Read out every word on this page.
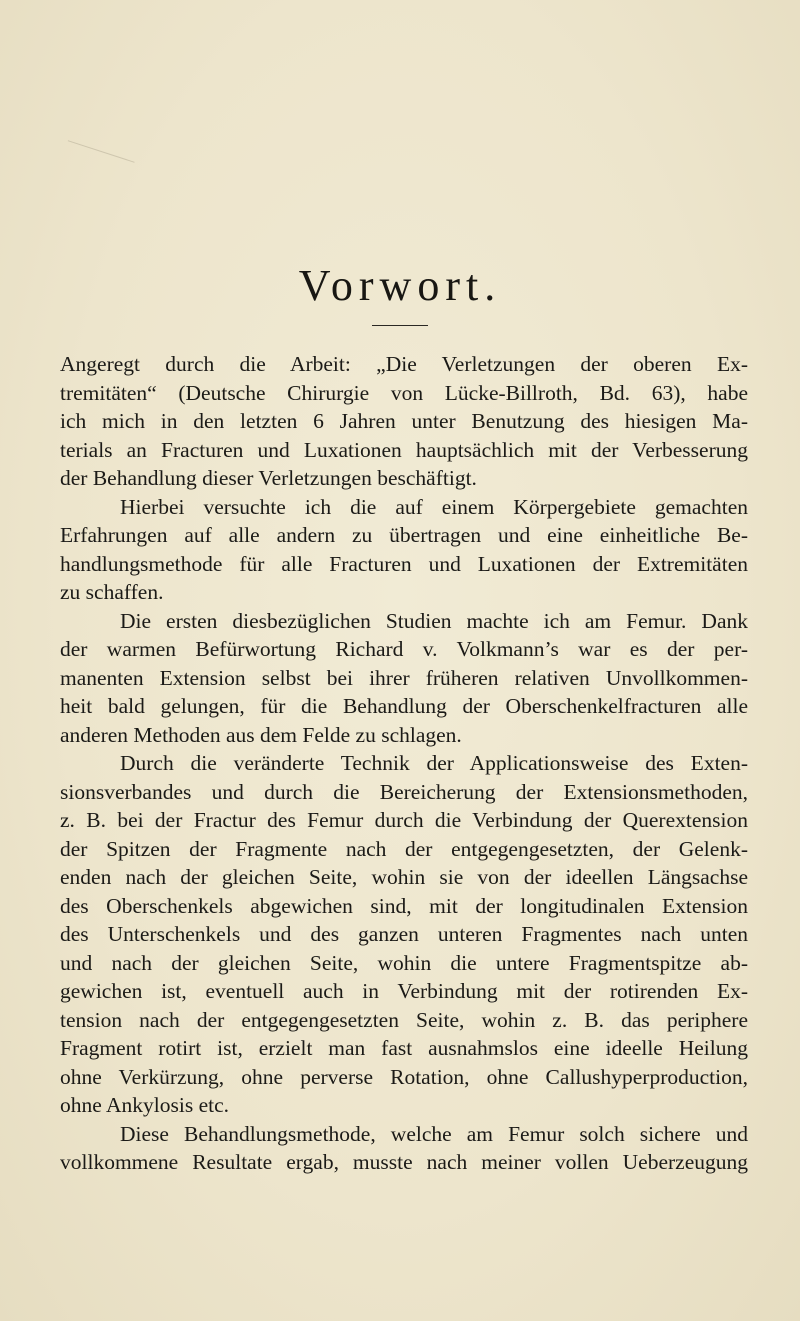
Vorwort.
Angeregt durch die Arbeit: „Die Verletzungen der oberen Ex-
tremitäten“ (Deutsche Chirurgie von Lücke-Billroth, Bd. 63), habe
ich mich in den letzten 6 Jahren unter Benutzung des hiesigen Ma-
terials an Fracturen und Luxationen hauptsächlich mit der Verbesserung
der Behandlung dieser Verletzungen beschäftigt.
Hierbei versuchte ich die auf einem Körpergebiete gemachten
Erfahrungen auf alle andern zu übertragen und eine einheitliche Be-
handlungsmethode für alle Fracturen und Luxationen der Extremitäten
zu schaffen.
Die ersten diesbezüglichen Studien machte ich am Femur. Dank
der warmen Befürwortung Richard v. Volkmann’s war es der per-
manenten Extension selbst bei ihrer früheren relativen Unvollkommen-
heit bald gelungen, für die Behandlung der Oberschenkelfracturen alle
anderen Methoden aus dem Felde zu schlagen.
Durch die veränderte Technik der Applicationsweise des Exten-
sionsverbandes und durch die Bereicherung der Extensionsmethoden,
z. B. bei der Fractur des Femur durch die Verbindung der Querextension
der Spitzen der Fragmente nach der entgegengesetzten, der Gelenk-
enden nach der gleichen Seite, wohin sie von der ideellen Längsachse
des Oberschenkels abgewichen sind, mit der longitudinalen Extension
des Unterschenkels und des ganzen unteren Fragmentes nach unten
und nach der gleichen Seite, wohin die untere Fragmentspitze ab-
gewichen ist, eventuell auch in Verbindung mit der rotirenden Ex-
tension nach der entgegengesetzten Seite, wohin z. B. das periphere
Fragment rotirt ist, erzielt man fast ausnahmslos eine ideelle Heilung
ohne Verkürzung, ohne perverse Rotation, ohne Callushyperproduction,
ohne Ankylosis etc.
Diese Behandlungsmethode, welche am Femur solch sichere und
vollkommene Resultate ergab, musste nach meiner vollen Ueberzeugung
